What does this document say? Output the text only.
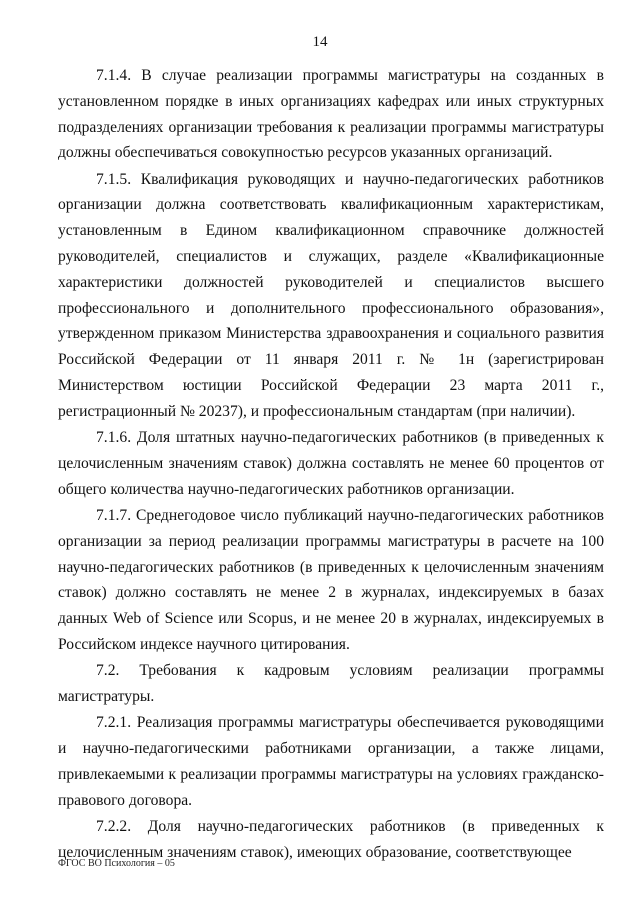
14

7.1.4. В случае реализации программы магистратуры на созданных в установленном порядке в иных организациях кафедрах или иных структурных подразделениях организации требования к реализации программы магистратуры должны обеспечиваться совокупностью ресурсов указанных организаций.

7.1.5. Квалификация руководящих и научно-педагогических работников организации должна соответствовать квалификационным характеристикам, установленным в Едином квалификационном справочнике должностей руководителей, специалистов и служащих, разделе «Квалификационные характеристики должностей руководителей и специалистов высшего профессионального и дополнительного профессионального образования», утвержденном приказом Министерства здравоохранения и социального развития Российской Федерации от 11 января 2011 г. № 1н (зарегистрирован Министерством юстиции Российской Федерации 23 марта 2011 г., регистрационный № 20237), и профессиональным стандартам (при наличии).

7.1.6. Доля штатных научно-педагогических работников (в приведенных к целочисленным значениям ставок) должна составлять не менее 60 процентов от общего количества научно-педагогических работников организации.

7.1.7. Среднегодовое число публикаций научно-педагогических работников организации за период реализации программы магистратуры в расчете на 100 научно-педагогических работников (в приведенных к целочисленным значениям ставок) должно составлять не менее 2 в журналах, индексируемых в базах данных Web of Science или Scopus, и не менее 20 в журналах, индексируемых в Российском индексе научного цитирования.

7.2. Требования к кадровым условиям реализации программы магистратуры.

7.2.1. Реализация программы магистратуры обеспечивается руководящими и научно-педагогическими работниками организации, а также лицами, привлекаемыми к реализации программы магистратуры на условиях гражданско-правового договора.

7.2.2. Доля научно-педагогических работников (в приведенных к целочисленным значениям ставок), имеющих образование, соответствующее

ФГОС ВО Психология – 05
